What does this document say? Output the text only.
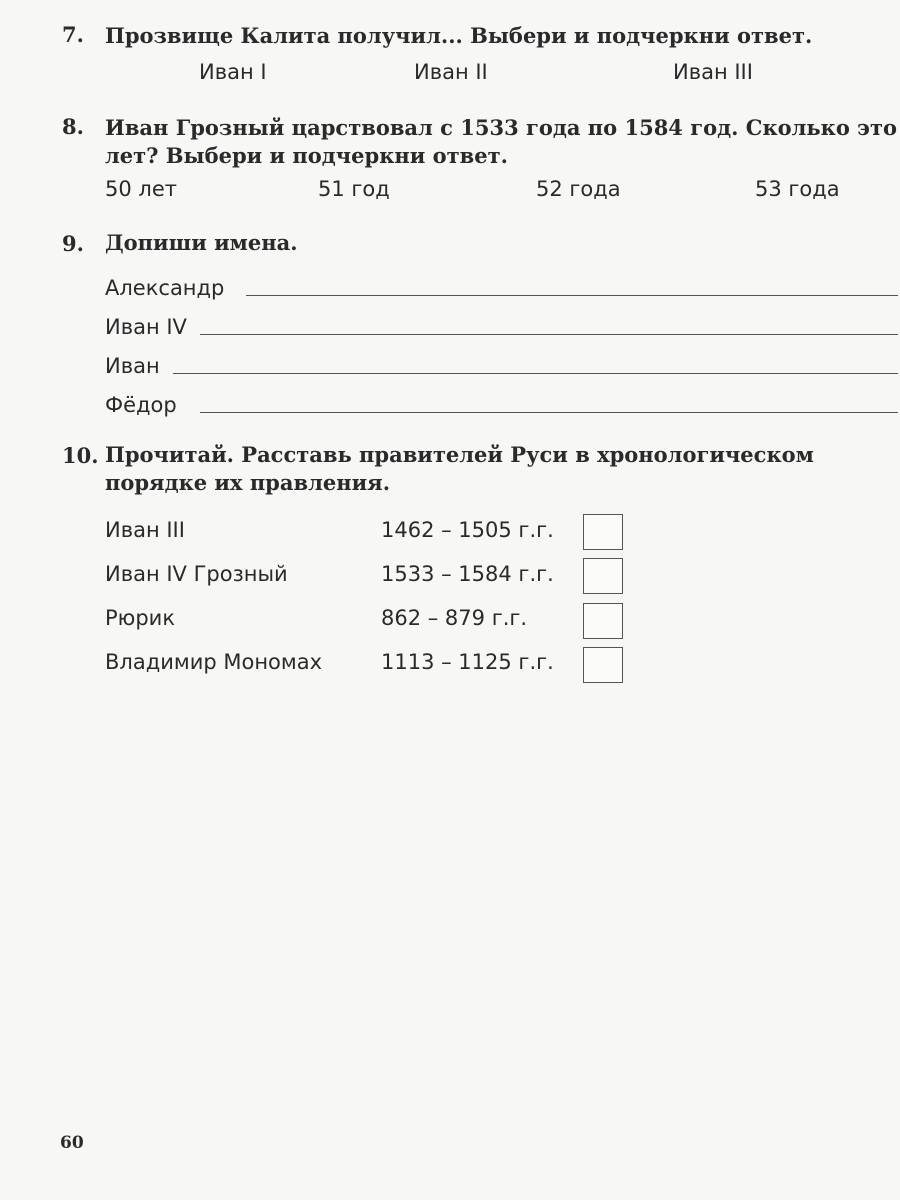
7. Прозвище Калита получил... Выбери и подчеркни ответ.
Иван I	Иван II	Иван III
8. Иван Грозный царствовал с 1533 года по 1584 год. Сколько это
лет? Выбери и подчеркни ответ.
50 лет	51 год	52 года	53 года
9. Допиши имена.
Александр
Иван IV
Иван
Фёдор
10. Прочитай. Расставь правителей Руси в хронологическом
порядке их правления.
Иван III	1462 – 1505 г.г.
Иван IV Грозный	1533 – 1584 г.г.
Рюрик	862 – 879 г.г.
Владимир Мономах	1113 – 1125 г.г.
60
